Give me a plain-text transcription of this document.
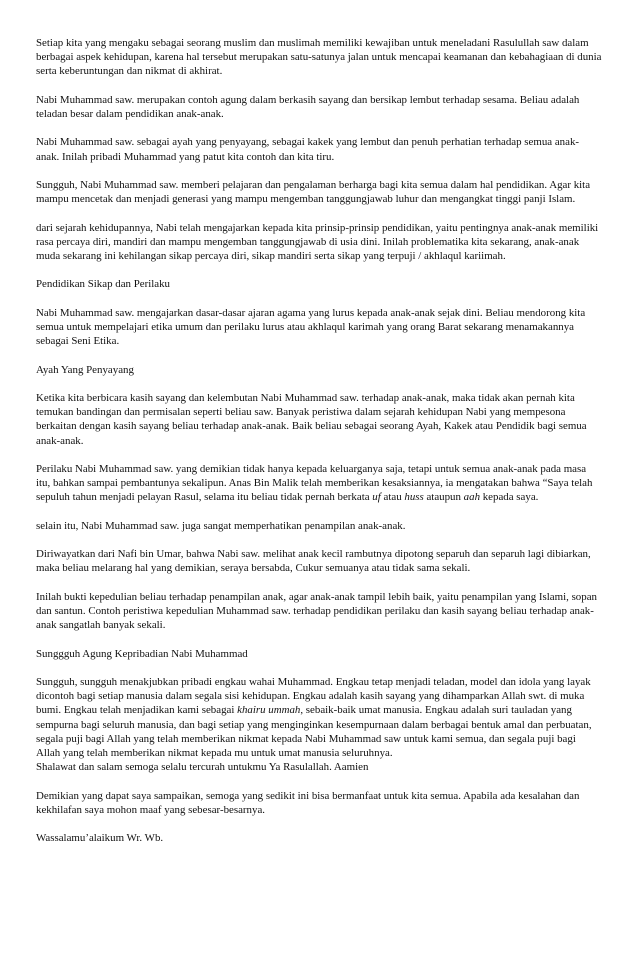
Setiap kita yang mengaku sebagai seorang muslim dan muslimah memiliki kewajiban untuk meneladani Rasulullah saw dalam berbagai aspek kehidupan, karena hal tersebut merupakan satu-satunya jalan untuk mencapai keamanan dan kebahagiaan di dunia serta keberuntungan dan nikmat di akhirat.

Nabi Muhammad saw. merupakan contoh agung dalam berkasih sayang dan bersikap lembut terhadap sesama. Beliau adalah teladan besar dalam pendidikan anak-anak.

Nabi Muhammad saw. sebagai ayah yang penyayang, sebagai kakek yang lembut dan penuh perhatian terhadap semua anak-anak. Inilah pribadi Muhammad yang patut kita contoh dan kita tiru.

Sungguh, Nabi Muhammad saw. memberi pelajaran dan pengalaman berharga bagi kita semua dalam hal pendidikan. Agar kita mampu mencetak dan menjadi generasi yang mampu mengemban tanggungjawab luhur dan mengangkat tinggi panji Islam.

dari sejarah kehidupannya, Nabi telah mengajarkan kepada kita prinsip-prinsip pendidikan, yaitu pentingnya anak-anak memiliki rasa percaya diri, mandiri dan mampu mengemban tanggungjawab di usia dini. Inilah problematika kita sekarang, anak-anak muda sekarang ini kehilangan sikap percaya diri, sikap mandiri serta sikap yang terpuji / akhlaqul kariimah.

Pendidikan Sikap dan Perilaku

Nabi Muhammad saw. mengajarkan dasar-dasar ajaran agama yang lurus kepada anak-anak sejak dini. Beliau mendorong kita semua untuk mempelajari etika umum dan perilaku lurus atau akhlaqul karimah yang orang Barat sekarang menamakannya sebagai Seni Etika.

Ayah Yang Penyayang

Ketika kita berbicara kasih sayang dan kelembutan Nabi Muhammad saw. terhadap anak-anak, maka tidak akan pernah kita temukan bandingan dan permisalan seperti beliau saw. Banyak peristiwa dalam sejarah kehidupan Nabi yang mempesona berkaitan dengan kasih sayang beliau terhadap anak-anak. Baik beliau sebagai seorang Ayah, Kakek atau Pendidik bagi semua anak-anak.

Perilaku Nabi Muhammad saw. yang demikian tidak hanya kepada keluarganya saja, tetapi untuk semua anak-anak pada masa itu, bahkan sampai pembantunya sekalipun. Anas Bin Malik telah memberikan kesaksiannya, ia mengatakan bahwa “Saya telah sepuluh tahun menjadi pelayan Rasul, selama itu beliau tidak pernah berkata uf atau huss ataupun aah kepada saya.

selain itu, Nabi Muhammad saw. juga sangat memperhatikan penampilan anak-anak.

Diriwayatkan dari Nafi bin Umar, bahwa Nabi saw. melihat anak kecil rambutnya dipotong separuh dan separuh lagi dibiarkan, maka beliau melarang hal yang demikian, seraya bersabda, Cukur semuanya atau tidak sama sekali.

Inilah bukti kepedulian beliau terhadap penampilan anak, agar anak-anak tampil lebih baik, yaitu penampilan yang Islami, sopan dan santun. Contoh peristiwa kepedulian Muhammad saw. terhadap pendidikan perilaku dan kasih sayang beliau terhadap anak-anak sangatlah banyak sekali.

Sunggguh Agung Kepribadian Nabi Muhammad

Sungguh, sungguh menakjubkan pribadi engkau wahai Muhammad. Engkau tetap menjadi teladan, model dan idola yang layak dicontoh bagi setiap manusia dalam segala sisi kehidupan. Engkau adalah kasih sayang yang dihamparkan Allah swt. di muka bumi. Engkau telah menjadikan kami sebagai khairu ummah, sebaik-baik umat manusia. Engkau adalah suri tauladan yang sempurna bagi seluruh manusia, dan bagi setiap yang menginginkan kesempurnaan dalam berbagai bentuk amal dan perbuatan, segala puji bagi Allah yang telah memberikan nikmat kepada Nabi Muhammad saw untuk kami semua, dan segala puji bagi Allah yang telah memberikan nikmat kepada mu untuk umat manusia seluruhnya.

Shalawat dan salam semoga selalu tercurah untukmu Ya Rasulallah. Aamien

Demikian yang dapat saya sampaikan, semoga yang sedikit ini bisa bermanfaat untuk kita semua. Apabila ada kesalahan dan kekhilafan saya mohon maaf yang sebesar-besarnya.

Wassalamu’alaikum Wr. Wb.
